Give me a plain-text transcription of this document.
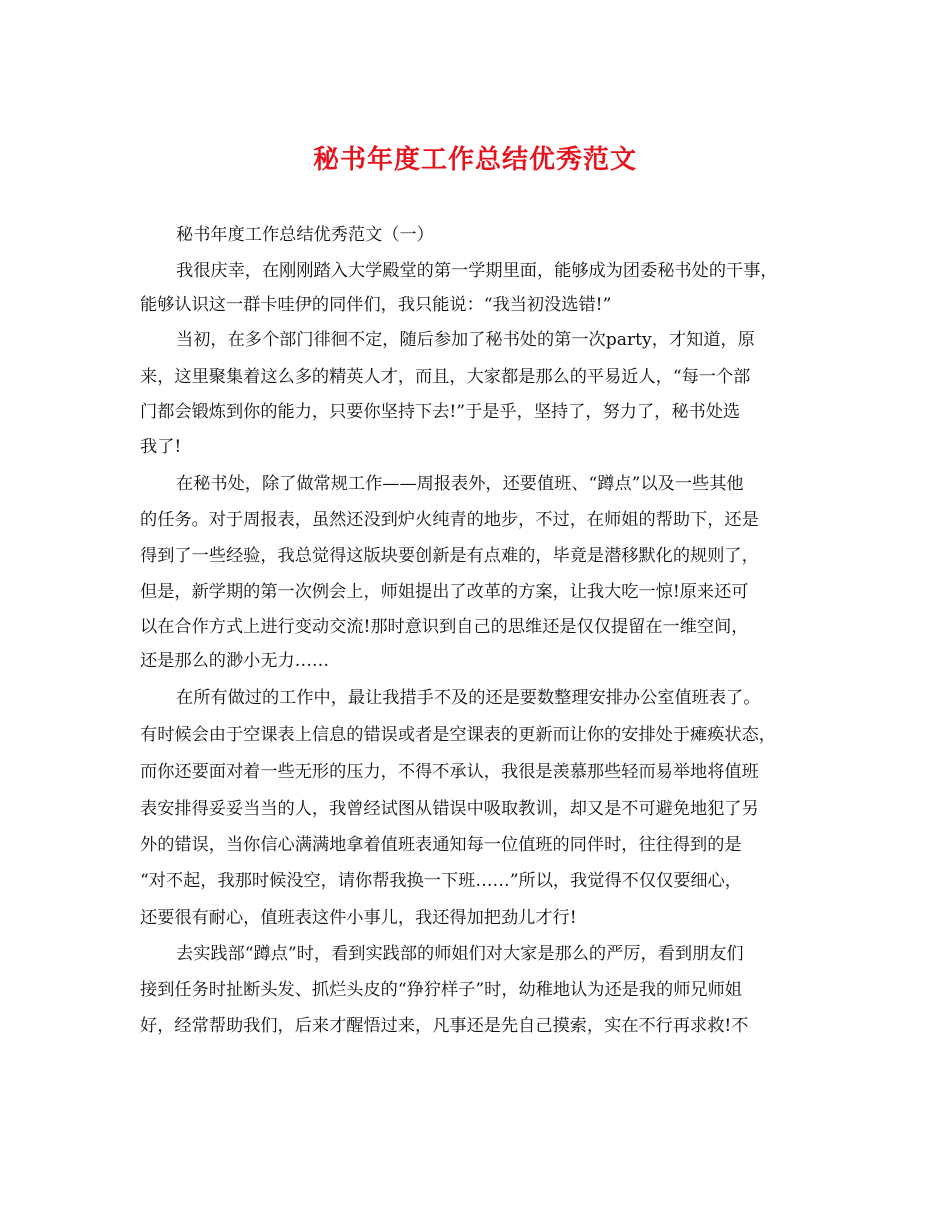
秘书年度工作总结优秀范文
秘书年度工作总结优秀范文（一）
我很庆幸，在刚刚踏入大学殿堂的第一学期里面，能够成为团委秘书处的干事，
能够认识这一群卡哇伊的同伴们，我只能说：“我当初没选错!”
当初，在多个部门徘徊不定，随后参加了秘书处的第一次party，才知道，原
来，这里聚集着这么多的精英人才，而且，大家都是那么的平易近人，“每一个部
门都会锻炼到你的能力，只要你坚持下去!”于是乎，坚持了，努力了，秘书处选
我了!
在秘书处，除了做常规工作——周报表外，还要值班、“蹲点”以及一些其他
的任务。对于周报表，虽然还没到炉火纯青的地步，不过，在师姐的帮助下，还是
得到了一些经验，我总觉得这版块要创新是有点难的，毕竟是潜移默化的规则了，
但是，新学期的第一次例会上，师姐提出了改革的方案，让我大吃一惊!原来还可
以在合作方式上进行变动交流!那时意识到自己的思维还是仅仅提留在一维空间，
还是那么的渺小无力……
在所有做过的工作中，最让我措手不及的还是要数整理安排办公室值班表了。
有时候会由于空课表上信息的错误或者是空课表的更新而让你的安排处于瘫痪状态，
而你还要面对着一些无形的压力，不得不承认，我很是羡慕那些轻而易举地将值班
表安排得妥妥当当的人，我曾经试图从错误中吸取教训，却又是不可避免地犯了另
外的错误，当你信心满满地拿着值班表通知每一位值班的同伴时，往往得到的是
“对不起，我那时候没空，请你帮我换一下班……”所以，我觉得不仅仅要细心，
还要很有耐心，值班表这件小事儿，我还得加把劲儿才行!
去实践部“蹲点”时，看到实践部的师姐们对大家是那么的严厉，看到朋友们
接到任务时扯断头发、抓烂头皮的“狰狞样子”时，幼稚地认为还是我的师兄师姐
好，经常帮助我们，后来才醒悟过来，凡事还是先自己摸索，实在不行再求救!不
